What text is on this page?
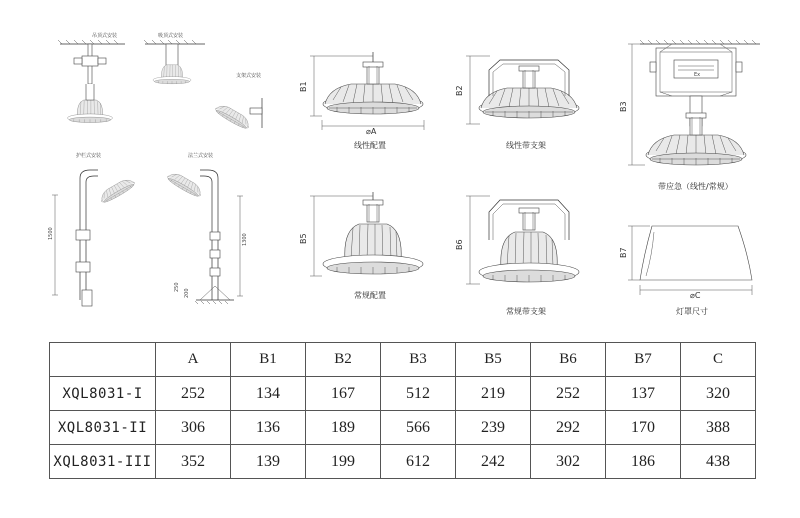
吊顶式安装	吸顶式安装
支架式安装
护栏式安装
1500
法兰式安装
1300
250
200
B1
⌀A
线性配置
B2
线性带支架
Ex
B3
带应急（线性/常规）
B5
常规配置
B6
常规带支架
B7
⌀C
灯罩尺寸
	A	B1	B2	B3	B5	B6	B7	C
XQL8031-I	252	134	167	512	219	252	137	320
XQL8031-II	306	136	189	566	239	292	170	388
XQL8031-III	352	139	199	612	242	302	186	438
